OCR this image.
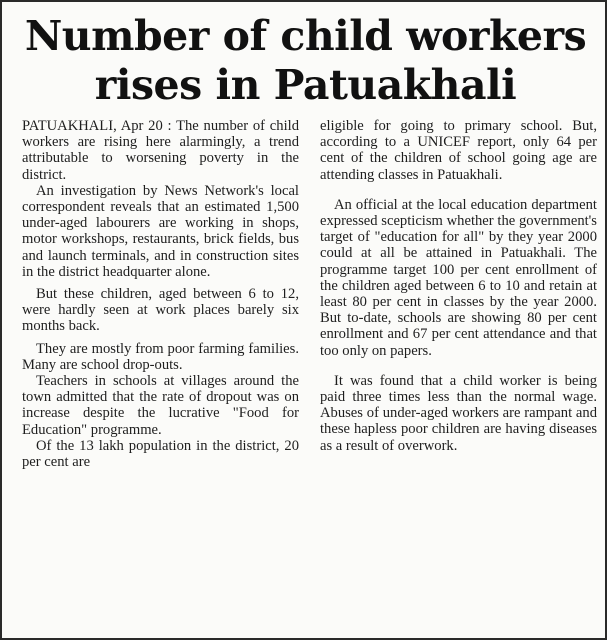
Number of child workers
rises in Patuakhali

PATUAKHALI, Apr 20 : The number of child workers are rising here alarmingly, a trend attributable to worsening poverty in the district.

An investigation by News Network's local correspondent reveals that an estimated 1,500 under-aged labourers are working in shops, motor workshops, restaurants, brick fields, bus and launch terminals, and in construction sites in the district headquarter alone.

But these children, aged between 6 to 12, were hardly seen at work places barely six months back.

They are mostly from poor farming families. Many are school drop-outs.

Teachers in schools at villages around the town admitted that the rate of dropout was on increase despite the lucrative "Food for Education" programme.

Of the 13 lakh population in the district, 20 per cent are

eligible for going to primary school. But, according to a UNICEF report, only 64 per cent of the children of school going age are attending classes in Patuakhali.

An official at the local education department expressed scepticism whether the government's target of "education for all" by they year 2000 could at all be attained in Patuakhali. The programme target 100 per cent enrollment of the children aged between 6 to 10 and retain at least 80 per cent in classes by the year 2000. But to-date, schools are showing 80 per cent enrollment and 67 per cent attendance and that too only on papers.

It was found that a child worker is being paid three times less than the normal wage. Abuses of under-aged workers are rampant and these hapless poor children are having diseases as a result of overwork.
